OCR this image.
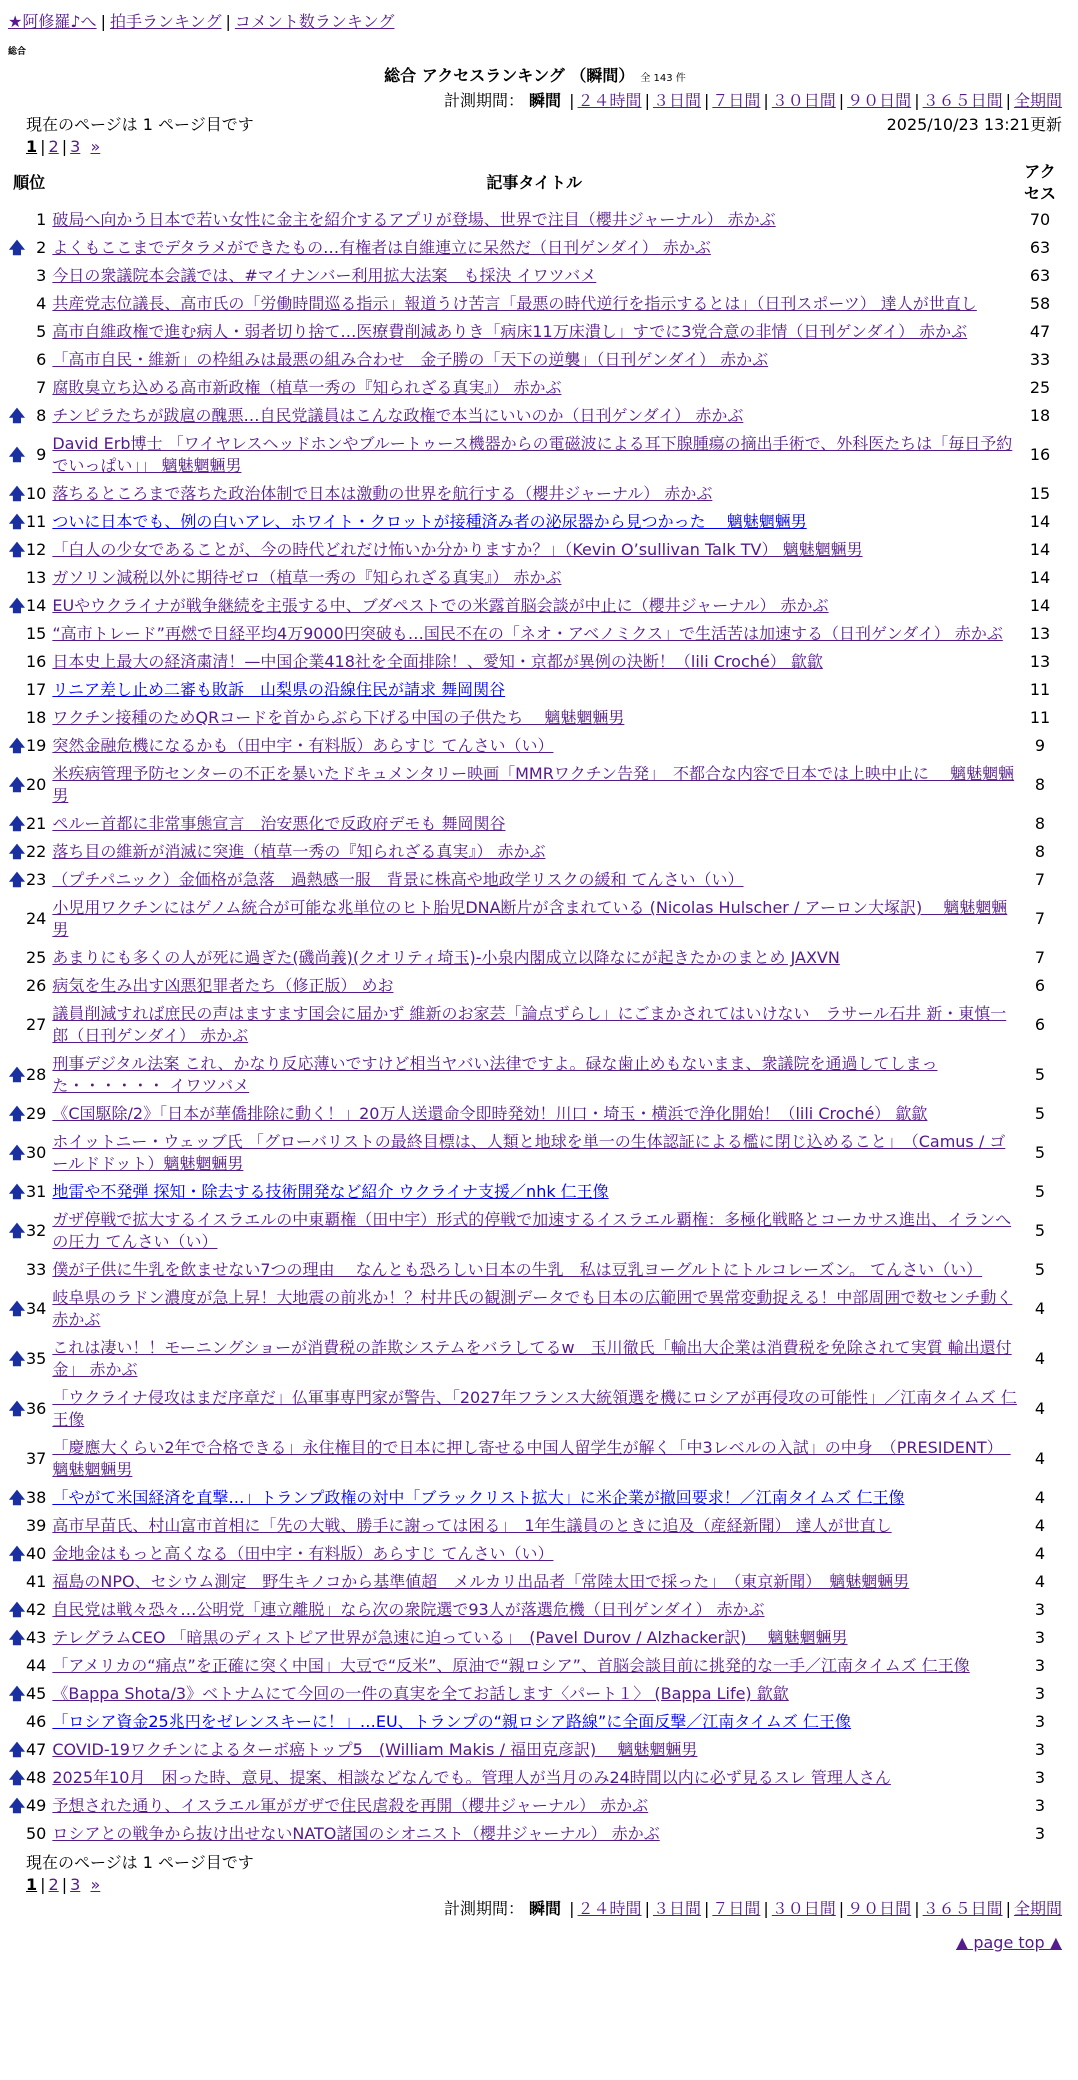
★阿修羅♪へ | 拍手ランキング | コメント数ランキング
総合
総合 アクセスランキング （瞬間） 全 143 件
計測期間： 瞬間 | ２４時間 | ３日間 | ７日間 | ３０日間 | ９０日間 | ３６５日間 | 全期間
現在のページは 1 ページ目です	2025/10/23 13:21更新
1 | 2 | 3 »
順位		記事タイトル	アクセス
	1	破局へ向かう日本で若い女性に金主を紹介するアプリが登場、世界で注目（櫻井ジャーナル） 赤かぶ	70
🡅	2	よくもここまでデタラメができたもの…有権者は自維連立に呆然だ（日刊ゲンダイ） 赤かぶ	63
	3	今日の衆議院本会議では、#マイナンバー利用拡大法案　も採決 イワツバメ	63
	4	共産党志位議長、高市氏の「労働時間巡る指示」報道うけ苦言「最悪の時代逆行を指示するとは」（日刊スポーツ） 達人が世直し	58
	5	高市自維政権で進む病人・弱者切り捨て…医療費削減ありき「病床11万床潰し」すでに3党合意の非情（日刊ゲンダイ） 赤かぶ	47
	6	「高市自民・維新」の枠組みは最悪の組み合わせ　金子勝の「天下の逆襲」（日刊ゲンダイ） 赤かぶ	33
	7	腐敗臭立ち込める高市新政権（植草一秀の『知られざる真実』） 赤かぶ	25
🡅	8	チンピラたちが跋扈の醜悪…自民党議員はこんな政権で本当にいいのか（日刊ゲンダイ） 赤かぶ	18
🡅	9	David Erb博士 「ワイヤレスヘッドホンやブルートゥース機器からの電磁波による耳下腺腫瘍の摘出手術で、外科医たちは「毎日予約でいっぱい」」 魑魅魍魎男	16
🡅	10	落ちるところまで落ちた政治体制で日本は激動の世界を航行する（櫻井ジャーナル） 赤かぶ	15
🡅	11	ついに日本でも、例の白いアレ、ホワイト・クロットが接種済み者の泌尿器から見つかった　 魑魅魍魎男	14
🡅	12	「白人の少女であることが、今の時代どれだけ怖いか分かりますか？」（Kevin O’sullivan Talk TV） 魑魅魍魎男	14
	13	ガソリン減税以外に期待ゼロ（植草一秀の『知られざる真実』） 赤かぶ	14
🡅	14	EUやウクライナが戦争継続を主張する中、ブダペストでの米露首脳会談が中止に（櫻井ジャーナル） 赤かぶ	14
	15	“高市トレード”再燃で日経平均4万9000円突破も…国民不在の「ネオ・アベノミクス」で生活苦は加速する（日刊ゲンダイ） 赤かぶ	13
	16	日本史上最大の経済粛清！—中国企業418社を全面排除！、愛知・京都が異例の決断！（lili Croché） 歙歙	13
	17	リニア差し止め二審も敗訴　山梨県の沿線住民が請求 舞岡関谷	11
	18	ワクチン接種のためQRコードを首からぶら下げる中国の子供たち　 魑魅魍魎男	11
🡅	19	突然金融危機になるかも（田中宇・有料版）あらすじ てんさい（い）	9
🡅	20	米疾病管理予防センターの不正を暴いたドキュメンタリー映画「MMRワクチン告発」　不都合な内容で日本では上映中止に　 魑魅魍魎男	8
🡅	21	ペルー首都に非常事態宣言　治安悪化で反政府デモも 舞岡関谷	8
🡅	22	落ち目の維新が消滅に突進（植草一秀の『知られざる真実』） 赤かぶ	8
🡅	23	（プチパニック）金価格が急落　過熱感一服　背景に株高や地政学リスクの緩和 てんさい（い）	7
	24	小児用ワクチンにはゲノム統合が可能な兆単位のヒト胎児DNA断片が含まれている (Nicolas Hulscher / アーロン大塚訳)　 魑魅魍魎男	7
	25	あまりにも多くの人が死に過ぎた(磯尚義)(クオリティ埼玉)-小泉内閣成立以降なにが起きたかのまとめ JAXVN	7
	26	病気を生み出す凶悪犯罪者たち（修正版） めお	6
	27	議員削減すれば庶民の声はますます国会に届かず 維新のお家芸「論点ずらし」にごまかされてはいけない　ラサール石井 新・東慎一郎（日刊ゲンダイ） 赤かぶ	6
🡅	28	刑事デジタル法案 これ、かなり反応薄いですけど相当ヤバい法律ですよ。碌な歯止めもないまま、衆議院を通過してしまった・・・・・・ イワツバメ	5
🡅	29	《C国駆除/2》「日本が華僑排除に動く！」20万人送還命令即時発効！川口・埼玉・横浜で浄化開始！（lili Croché） 歙歙	5
🡅	30	ホイットニー・ウェッブ氏 「グローバリストの最終目標は、人類と地球を単一の生体認証による檻に閉じ込めること」　（Camus / ゴールドドット）魑魅魍魎男	5
🡅	31	地雷や不発弾 探知・除去する技術開発など紹介 ウクライナ支援／nhk 仁王像	5
🡅	32	ガザ停戦で拡大するイスラエルの中東覇権（田中宇）形式的停戦で加速するイスラエル覇権：多極化戦略とコーカサス進出、イランへの圧力 てんさい（い）	5
	33	僕が子供に牛乳を飲ませない7つの理由　 なんとも恐ろしい日本の牛乳　私は豆乳ヨーグルトにトルコレーズン。 てんさい（い）	5
🡅	34	岐阜県のラドン濃度が急上昇！大地震の前兆か！？村井氏の観測データでも日本の広範囲で異常変動捉える！中部周囲で数センチ動く 赤かぶ	4
🡅	35	これは凄い！！モーニングショーが消費税の詐欺システムをバラしてるw　玉川徹氏「輸出大企業は消費税を免除されて実質 輸出還付金」 赤かぶ	4
🡅	36	「ウクライナ侵攻はまだ序章だ」仏軍事専門家が警告、「2027年フランス大統領選を機にロシアが再侵攻の可能性」／江南タイムズ 仁王像	4
	37	「慶應大くらい2年で合格できる」永住権目的で日本に押し寄せる中国人留学生が解く「中3レベルの入試」の中身　（PRESIDENT）　魑魅魍魎男	4
🡅	38	「やがて米国経済を直撃…」トランプ政権の対中「ブラックリスト拡大」に米企業が撤回要求！／江南タイムズ 仁王像	4
	39	高市早苗氏、村山富市首相に「先の大戦、勝手に謝っては困る」　1年生議員のときに追及（産経新聞） 達人が世直し	4
🡅	40	金地金はもっと高くなる（田中宇・有料版）あらすじ てんさい（い）	4
	41	福島のNPO、セシウム測定　野生キノコから基準値超　メルカリ出品者「常陸太田で採った」　（東京新聞）　魑魅魍魎男	4
🡅	42	自民党は戦々恐々…公明党「連立離脱」なら次の衆院選で93人が落選危機（日刊ゲンダイ） 赤かぶ	3
🡅	43	テレグラムCEO 「暗黒のディストピア世界が急速に迫っている」　(Pavel Durov / Alzhacker訳)　 魑魅魍魎男	3
	44	「アメリカの“痛点”を正確に突く中国」大豆で“反米”、原油で“親ロシア”、首脳会談目前に挑発的な一手／江南タイムズ 仁王像	3
🡅	45	《Bappa Shota/3》ベトナムにて今回の一件の真実を全てお話します〈パート１〉 (Bappa Life) 歙歙	3
	46	「ロシア資金25兆円をゼレンスキーに！」…EU、トランプの“親ロシア路線”に全面反撃／江南タイムズ 仁王像	3
🡅	47	COVID-19ワクチンによるターボ癌トップ5　(William Makis / 福田克彦訳)　 魑魅魍魎男	3
🡅	48	2025年10月　困った時、意見、提案、相談などなんでも。管理人が当月のみ24時間以内に必ず見るスレ 管理人さん	3
🡅	49	予想された通り、イスラエル軍がガザで住民虐殺を再開（櫻井ジャーナル） 赤かぶ	3
	50	ロシアとの戦争から抜け出せないNATO諸国のシオニスト（櫻井ジャーナル） 赤かぶ	3
現在のページは 1 ページ目です
1 | 2 | 3 »
計測期間： 瞬間 | ２４時間 | ３日間 | ７日間 | ３０日間 | ９０日間 | ３６５日間 | 全期間
▲ page top ▲
